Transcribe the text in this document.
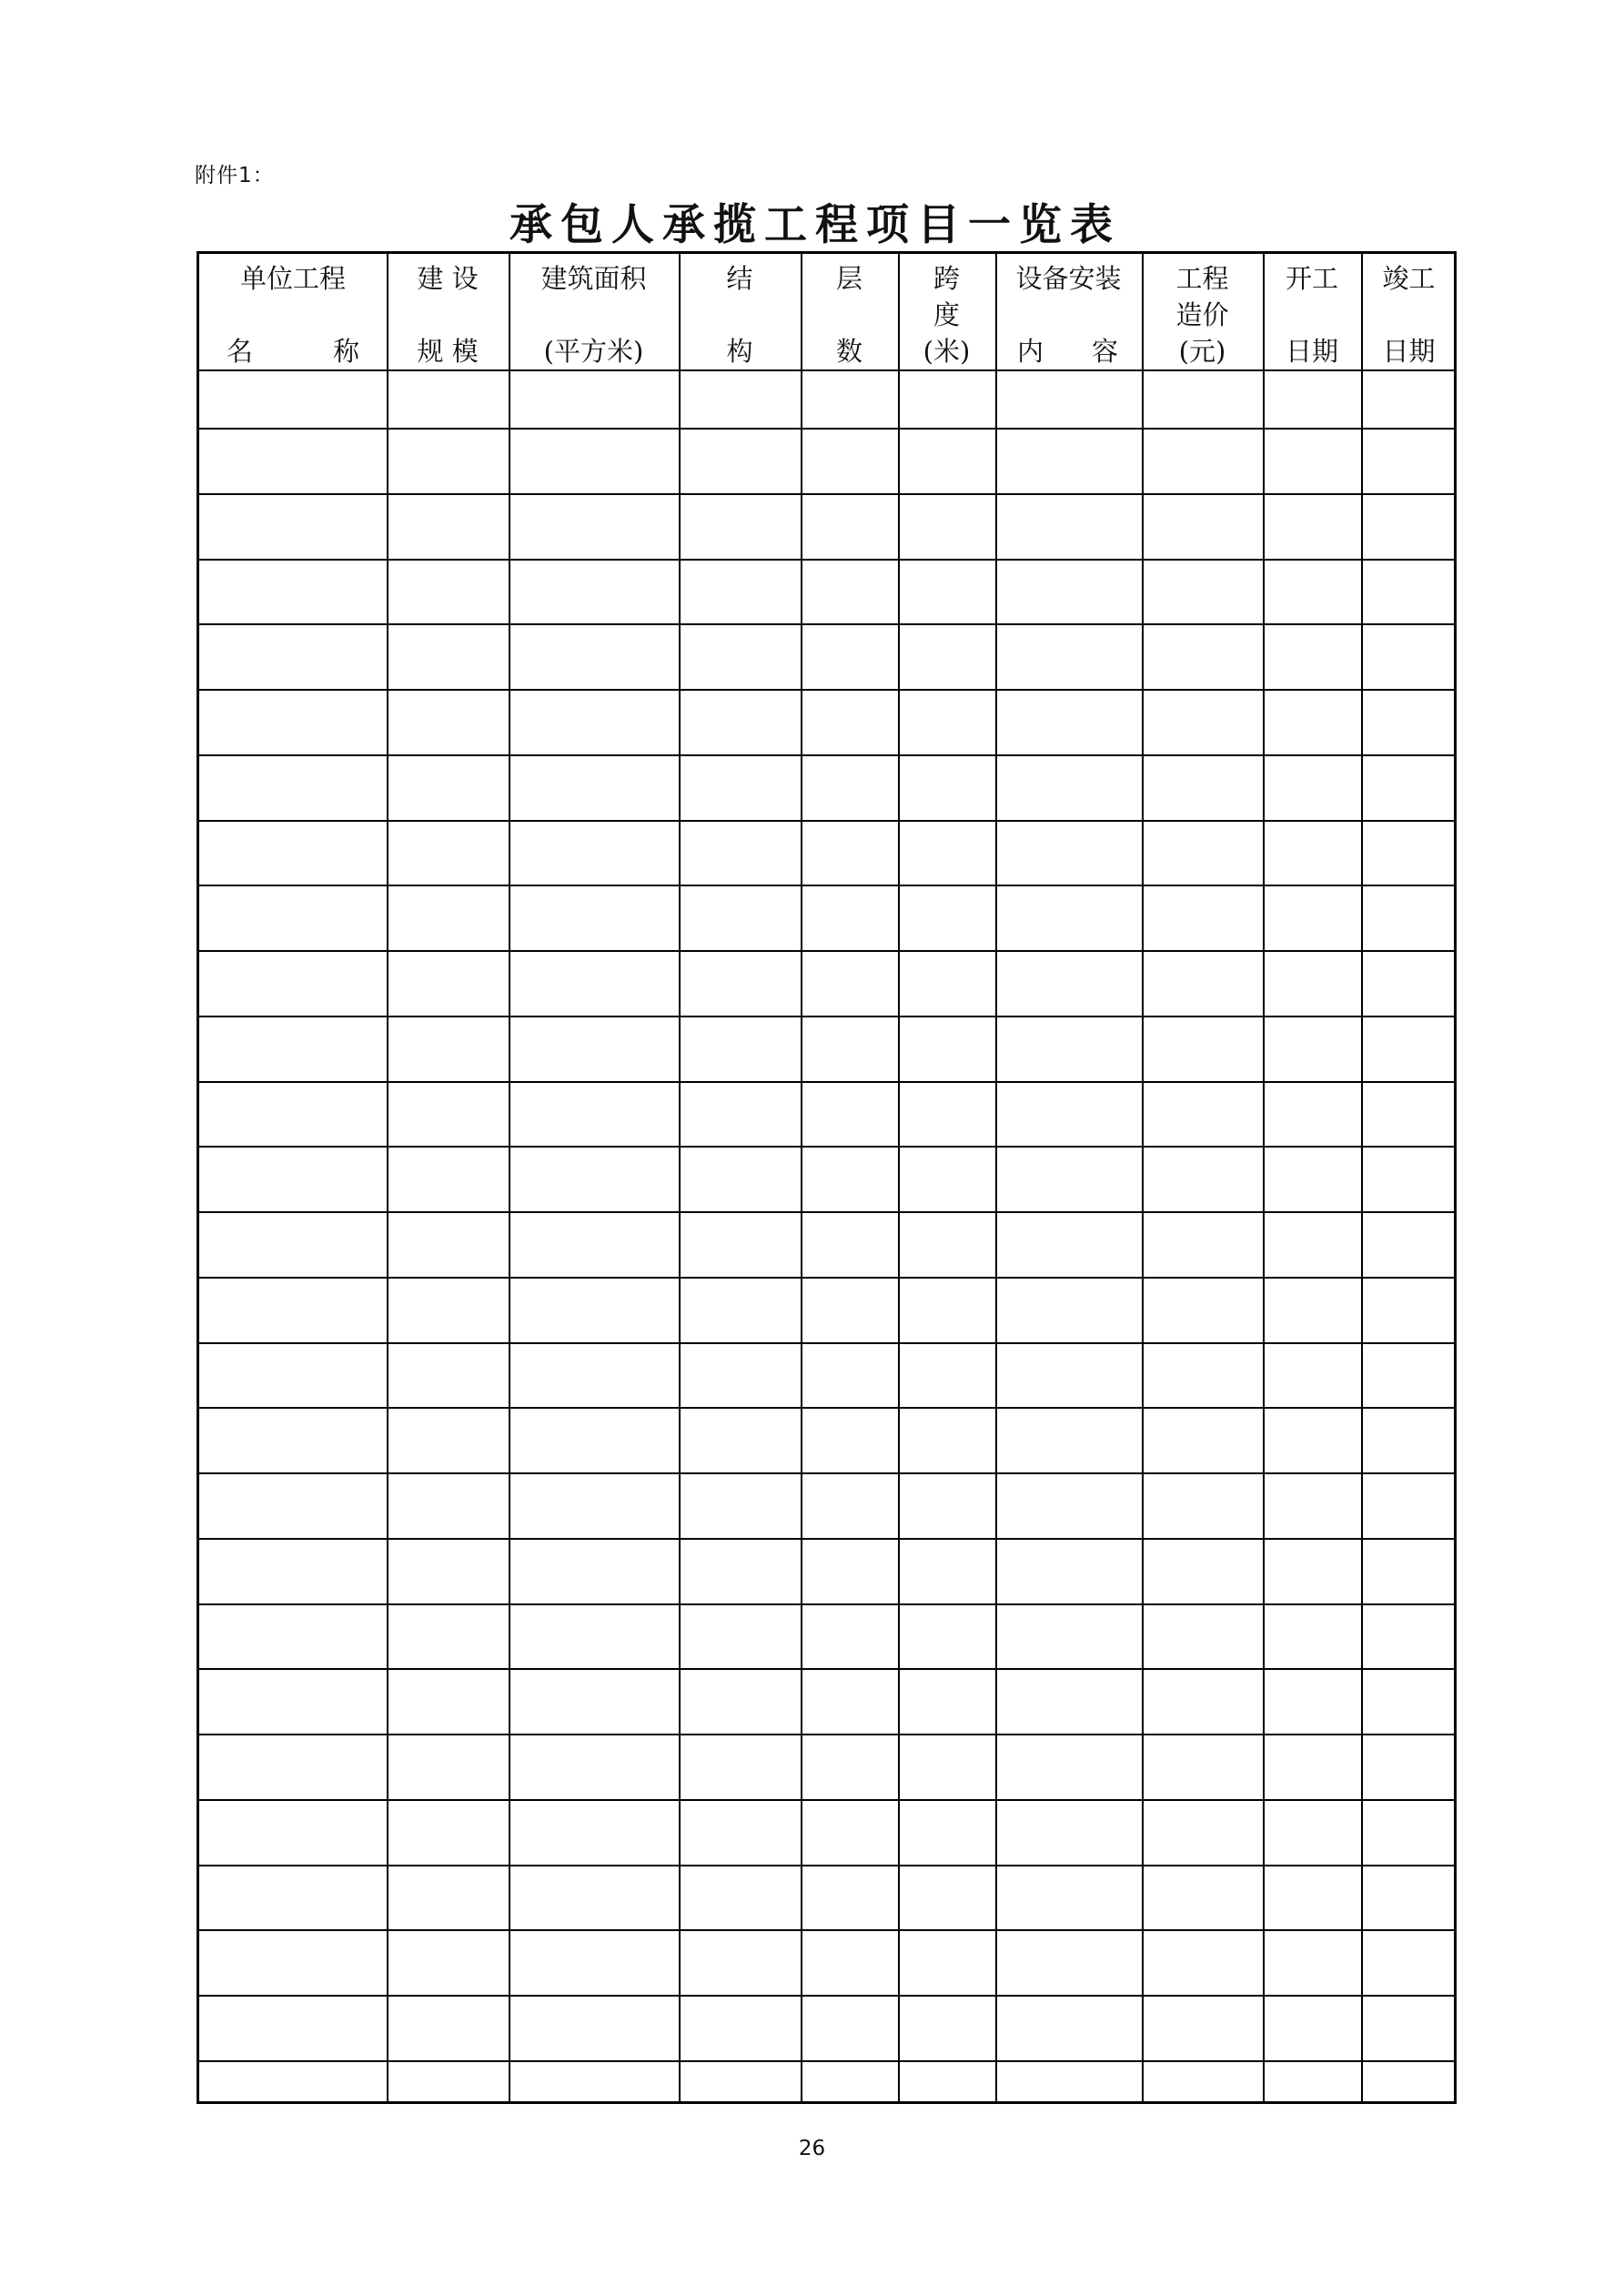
附件1：
承包人承揽工程项目一览表
单位工程
名	称
建 设
规 模
建筑面积
(平方米)
结
构
层
数
跨
度
(米)
设备安装
内 容
工程
造价
(元)
开工
日期
竣工
日期
26
